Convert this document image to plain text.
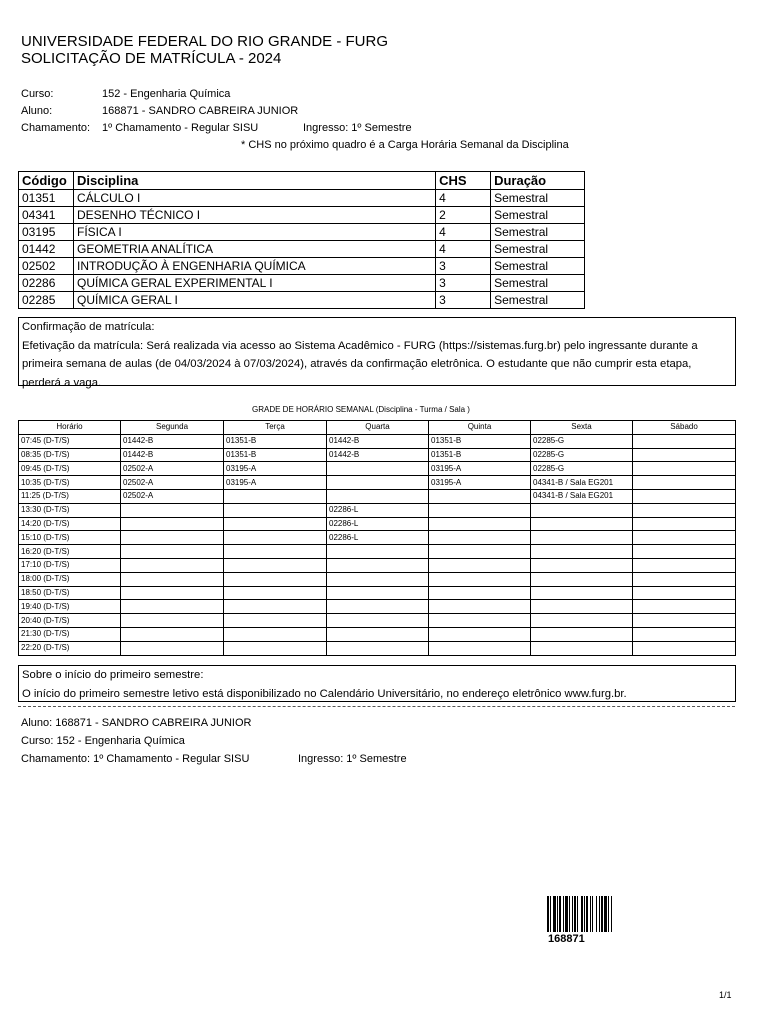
UNIVERSIDADE FEDERAL DO RIO GRANDE - FURG
SOLICITAÇÃO DE MATRÍCULA - 2024
Curso:	152 - Engenharia Química
Aluno:	168871 - SANDRO CABREIRA JUNIOR
Chamamento: 1º Chamamento - Regular SISU	Ingresso: 1º Semestre
* CHS no próximo quadro é a Carga Horária Semanal da Disciplina
Código	Disciplina	CHS	Duração
01351	CÁLCULO I	4	Semestral
04341	DESENHO TÉCNICO I	2	Semestral
03195	FÍSICA I	4	Semestral
01442	GEOMETRIA ANALÍTICA	4	Semestral
02502	INTRODUÇÃO À ENGENHARIA QUÍMICA	3	Semestral
02286	QUÍMICA GERAL EXPERIMENTAL I	3	Semestral
02285	QUÍMICA GERAL I	3	Semestral
Confirmação de matrícula:
Efetivação da matrícula: Será realizada via acesso ao Sistema Acadêmico - FURG (https://sistemas.furg.br) pelo ingressante durante a
primeira semana de aulas (de 04/03/2024 à 07/03/2024), através da confirmação eletrônica. O estudante que não cumprir esta etapa,
perderá a vaga.
GRADE DE HORÁRIO SEMANAL (Disciplina - Turma / Sala )
Horário	Segunda	Terça	Quarta	Quinta	Sexta	Sábado
07:45 (D-T/S)	01442-B	01351-B	01442-B	01351-B	02285-G	
08:35 (D-T/S)	01442-B	01351-B	01442-B	01351-B	02285-G	
09:45 (D-T/S)	02502-A	03195-A		03195-A	02285-G	
10:35 (D-T/S)	02502-A	03195-A		03195-A	04341-B / Sala EG201	
11:25 (D-T/S)	02502-A				04341-B / Sala EG201	
13:30 (D-T/S)			02286-L			
14:20 (D-T/S)			02286-L			
15:10 (D-T/S)			02286-L			
16:20 (D-T/S)						
17:10 (D-T/S)						
18:00 (D-T/S)						
18:50 (D-T/S)						
19:40 (D-T/S)						
20:40 (D-T/S)						
21:30 (D-T/S)						
22:20 (D-T/S)						
Sobre o início do primeiro semestre:
O início do primeiro semestre letivo está disponibilizado no Calendário Universitário, no endereço eletrônico www.furg.br.
Aluno: 168871 - SANDRO CABREIRA JUNIOR
Curso: 152 - Engenharia Química
Chamamento: 1º Chamamento - Regular SISU	Ingresso: 1º Semestre
168871
1/1
